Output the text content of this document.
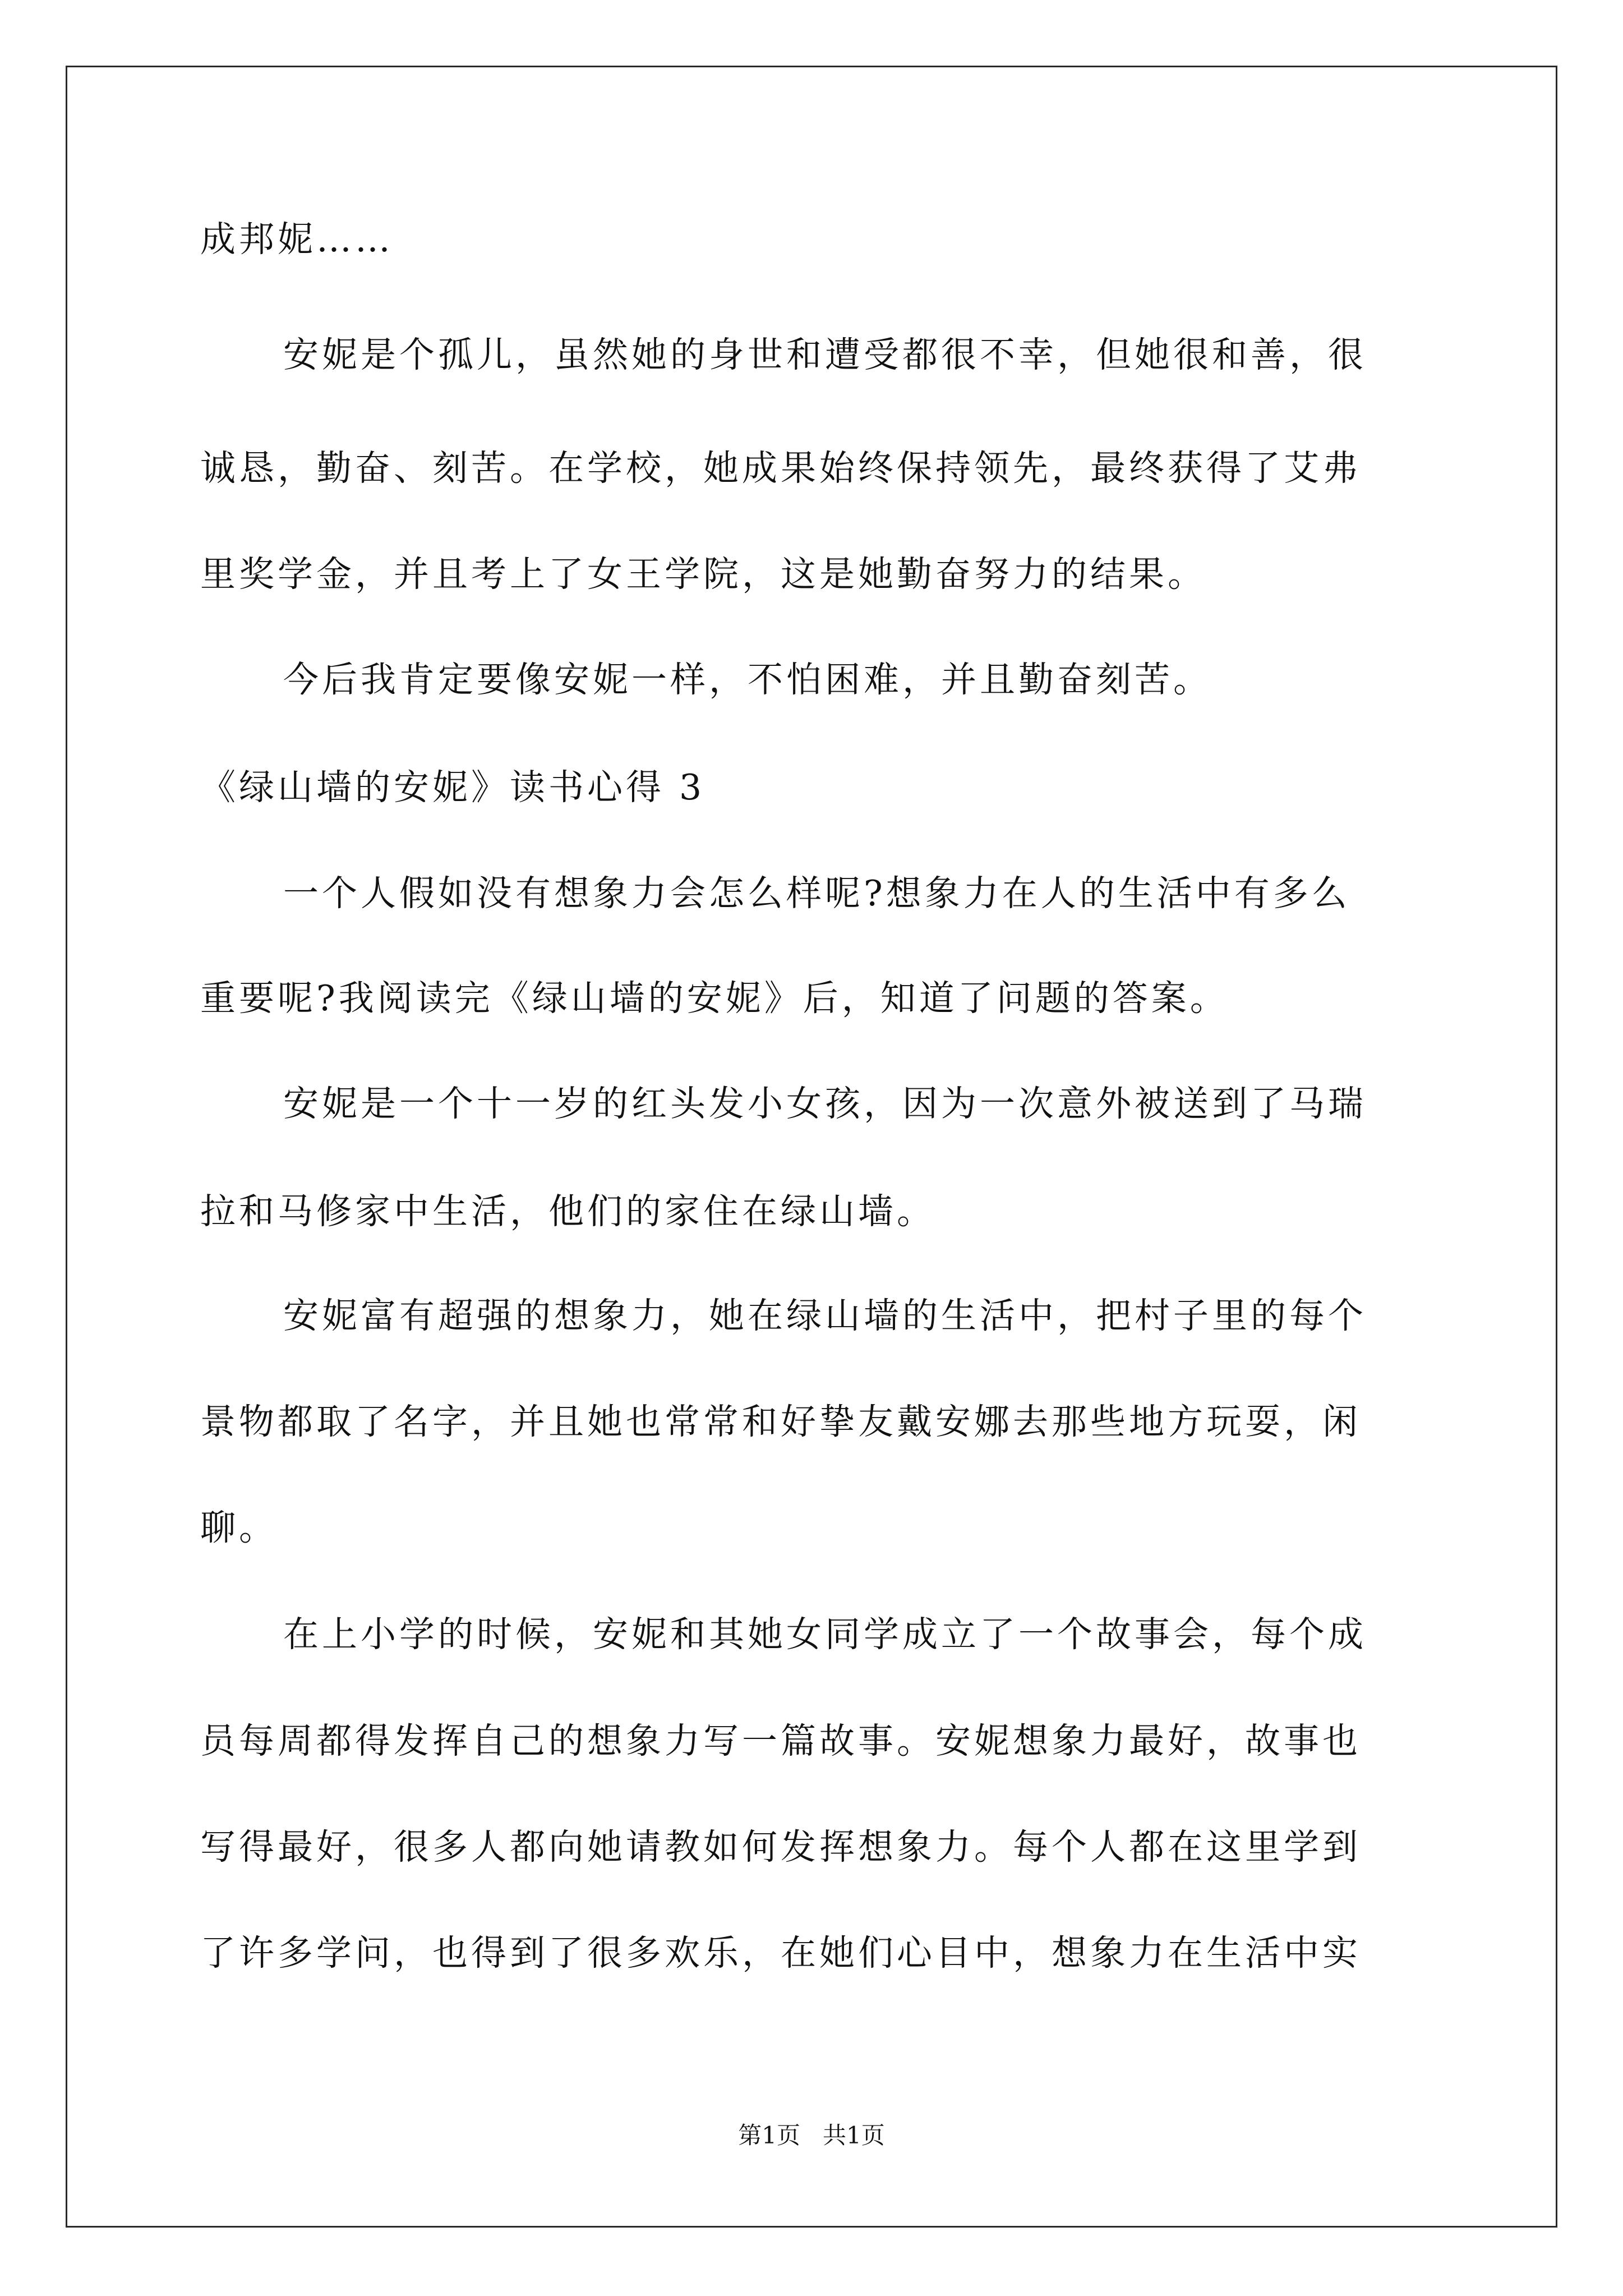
成邦妮……
安妮是个孤儿，虽然她的身世和遭受都很不幸，但她很和善，很
诚恳，勤奋、刻苦。在学校，她成果始终保持领先，最终获得了艾弗
里奖学金，并且考上了女王学院，这是她勤奋努力的结果。
今后我肯定要像安妮一样，不怕困难，并且勤奋刻苦。
《绿山墙的安妮》读书心得 3
一个人假如没有想象力会怎么样呢?想象力在人的生活中有多么
重要呢?我阅读完《绿山墙的安妮》后，知道了问题的答案。
安妮是一个十一岁的红头发小女孩，因为一次意外被送到了马瑞
拉和马修家中生活，他们的家住在绿山墙。
安妮富有超强的想象力，她在绿山墙的生活中，把村子里的每个
景物都取了名字，并且她也常常和好挚友戴安娜去那些地方玩耍，闲
聊。
在上小学的时候，安妮和其她女同学成立了一个故事会，每个成
员每周都得发挥自己的想象力写一篇故事。安妮想象力最好，故事也
写得最好，很多人都向她请教如何发挥想象力。每个人都在这里学到
了许多学问，也得到了很多欢乐，在她们心目中，想象力在生活中实
第1页   共1页
